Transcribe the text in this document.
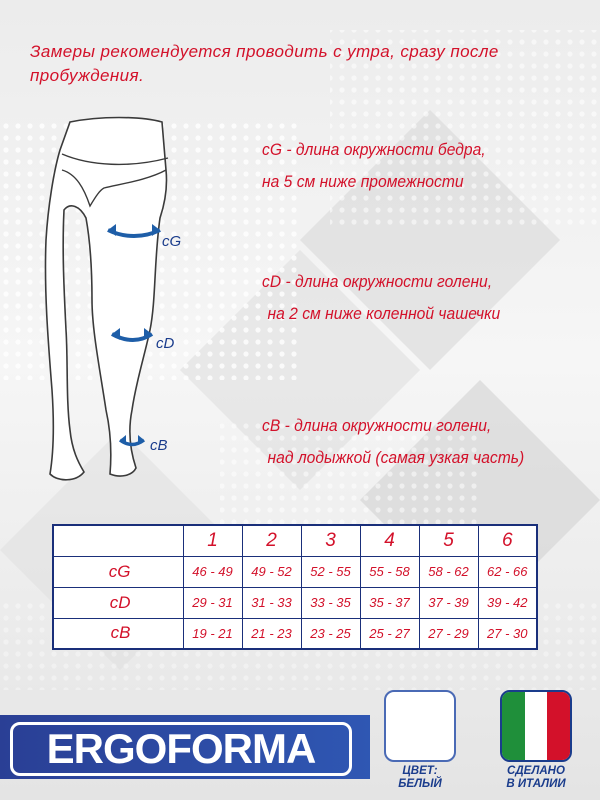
Замеры рекомендуется проводить с утра, сразу после пробуждения.
cG
cD
cB
cG - длина окружности бедра,
на 5 см ниже промежности
cD - длина окружности голени,
на 2 см ниже коленной чашечки
cB - длина окружности голени,
над лодыжкой (самая узкая часть)
	1	2	3	4	5	6
cG	46 - 49	49 - 52	52 - 55	55 - 58	58 - 62	62 - 66
cD	29 - 31	31 - 33	33 - 35	35 - 37	37 - 39	39 - 42
cB	19 - 21	21 - 23	23 - 25	25 - 27	27 - 29	27 - 30
ERGOFORMA	ЦВЕТ:
БЕЛЫЙ
СДЕЛАНО
В ИТАЛИИ
